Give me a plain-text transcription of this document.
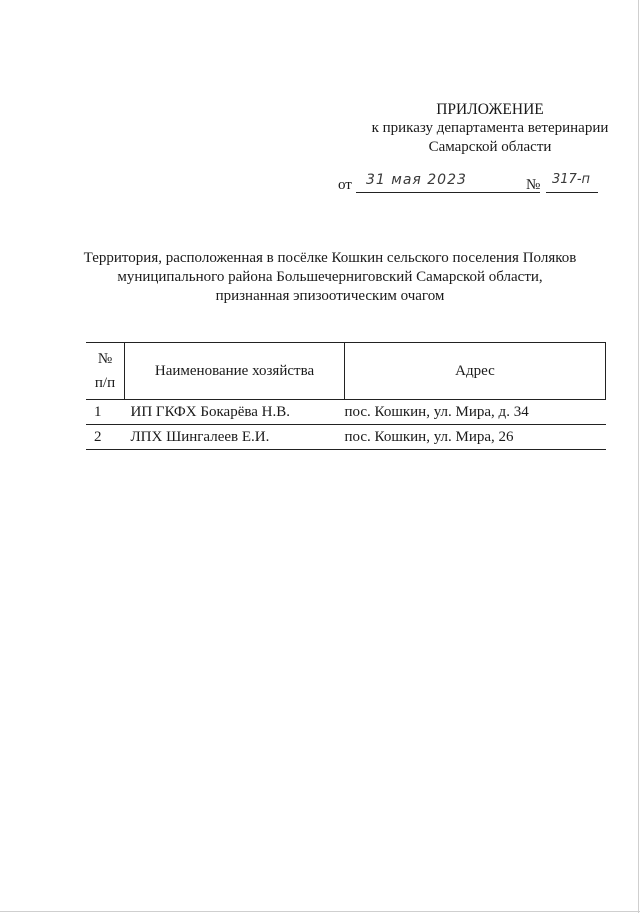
ПРИЛОЖЕНИЕ
к приказу департамента ветеринарии
Самарской области
от 31 мая 2023	№ 317-п
Территория, расположенная в посёлке Кошкин сельского поселения Поляков
муниципального района Большечерниговский Самарской области,
признанная эпизоотическим очагом
№
п/п	Наименование хозяйства	Адрес
1	ИП ГКФХ Бокарёва Н.В.	пос. Кошкин, ул. Мира, д. 34
2	ЛПХ Шингалеев Е.И.	пос. Кошкин, ул. Мира, 26
